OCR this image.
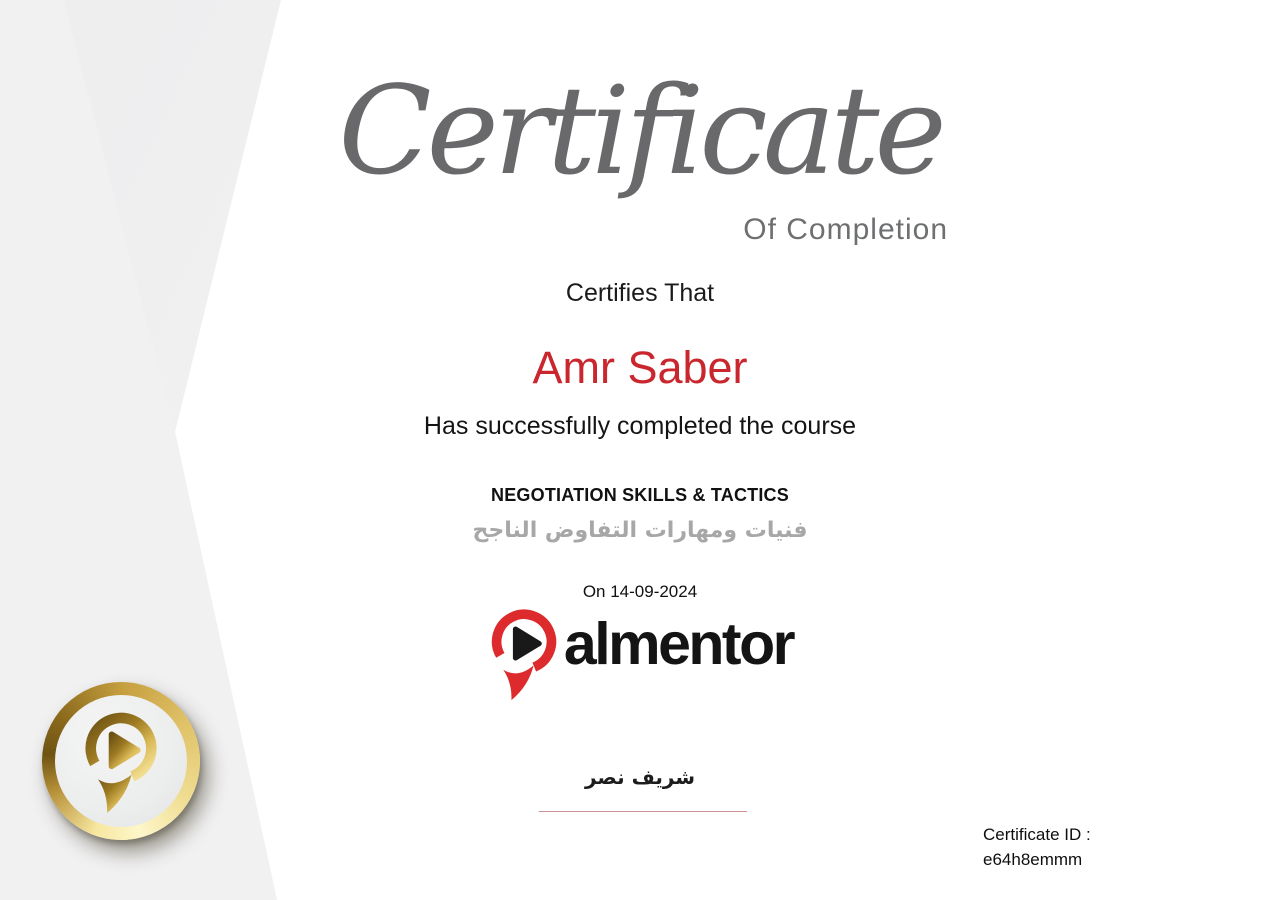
Certificate
Of Completion
Certifies That
Amr Saber
Has successfully completed the course
NEGOTIATION SKILLS & TACTICS
فنيات ومهارات التفاوض الناجح
On 14-09-2024
almentor
شريف نصر
Certificate ID :
e64h8emmm
